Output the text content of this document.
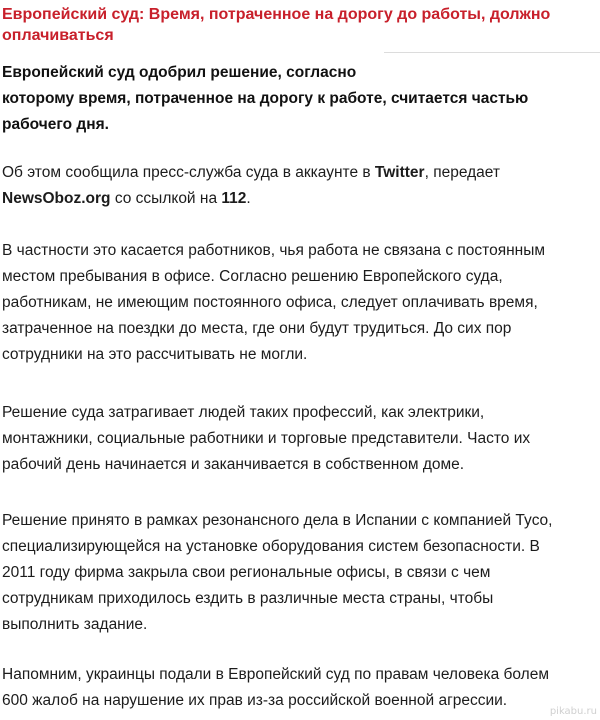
Европейский суд: Время, потраченное на дорогу до работы, должно оплачиваться

Европейский суд одобрил решение, согласно
которому время, потраченное на дорогу к работе, считается частью
рабочего дня.

Об этом сообщила пресс-служба суда в аккаунте в Twitter, передает
NewsOboz.org со ссылкой на 112.

В частности это касается работников, чья работа не связана с постоянным
местом пребывания в офисе. Согласно решению Европейского суда,
работникам, не имеющим постоянного офиса, следует оплачивать время,
затраченное на поездки до места, где они будут трудиться. До сих пор
сотрудники на это рассчитывать не могли.

Решение суда затрагивает людей таких профессий, как электрики,
монтажники, социальные работники и торговые представители. Часто их
рабочий день начинается и заканчивается в собственном доме.

Решение принято в рамках резонансного дела в Испании с компанией Tyco,
специализирующейся на установке оборудования систем безопасности. В
2011 году фирма закрыла свои региональные офисы, в связи с чем
сотрудникам приходилось ездить в различные места страны, чтобы
выполнить задание.

Напомним, украинцы подали в Европейский суд по правам человека болем
600 жалоб на нарушение их прав из-за российской военной агрессии.

pikabu.ru
